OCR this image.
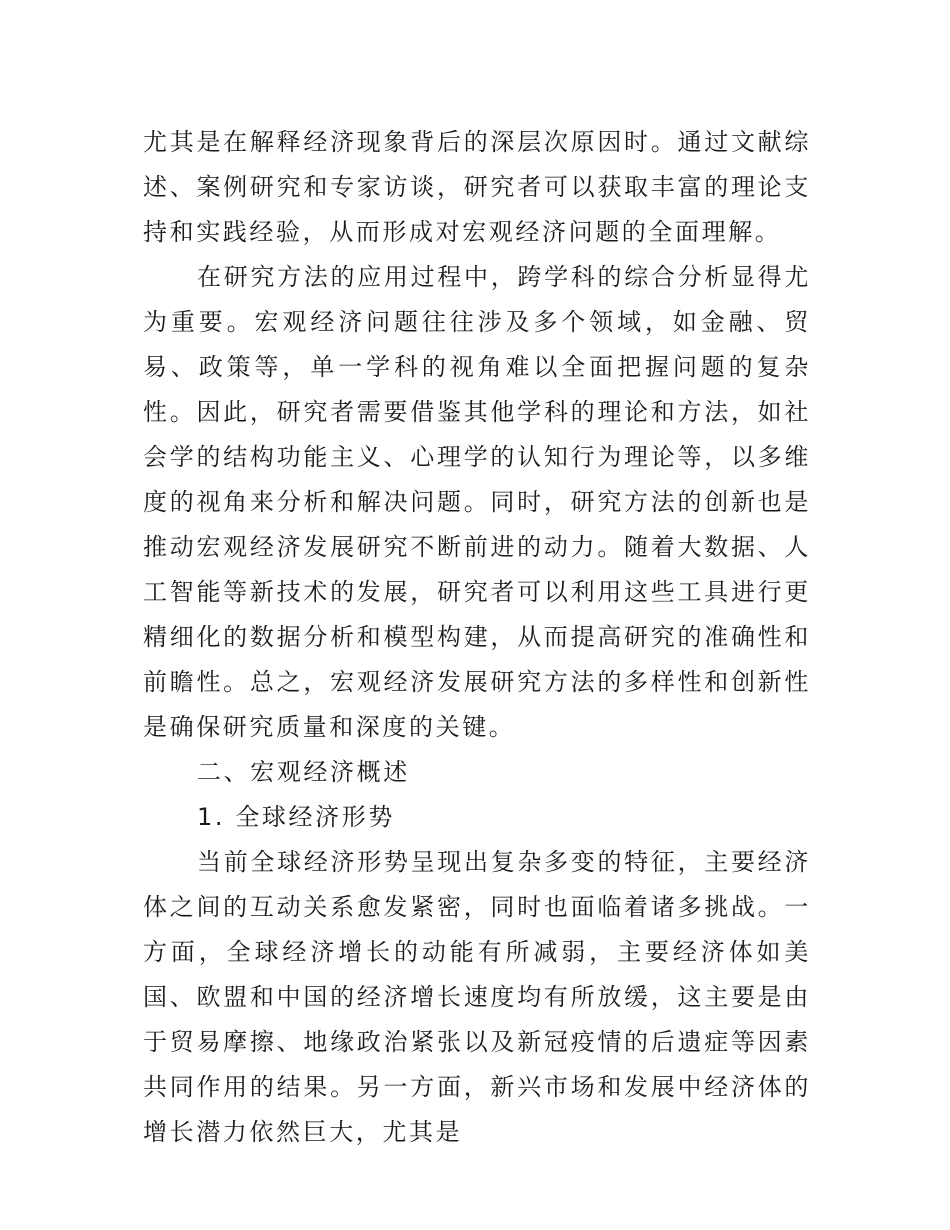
尤其是在解释经济现象背后的深层次原因时。通过文献综述、案例研究和专家访谈，研究者可以获取丰富的理论支持和实践经验，从而形成对宏观经济问题的全面理解。

在研究方法的应用过程中，跨学科的综合分析显得尤为重要。宏观经济问题往往涉及多个领域，如金融、贸易、政策等，单一学科的视角难以全面把握问题的复杂性。因此，研究者需要借鉴其他学科的理论和方法，如社会学的结构功能主义、心理学的认知行为理论等，以多维度的视角来分析和解决问题。同时，研究方法的创新也是推动宏观经济发展研究不断前进的动力。随着大数据、人工智能等新技术的发展，研究者可以利用这些工具进行更精细化的数据分析和模型构建，从而提高研究的准确性和前瞻性。总之，宏观经济发展研究方法的多样性和创新性是确保研究质量和深度的关键。

二、宏观经济概述

1. 全球经济形势

当前全球经济形势呈现出复杂多变的特征，主要经济体之间的互动关系愈发紧密，同时也面临着诸多挑战。一方面，全球经济增长的动能有所减弱，主要经济体如美国、欧盟和中国的经济增长速度均有所放缓，这主要是由于贸易摩擦、地缘政治紧张以及新冠疫情的后遗症等因素共同作用的结果。另一方面，新兴市场和发展中经济体的增长潜力依然巨大，尤其是
